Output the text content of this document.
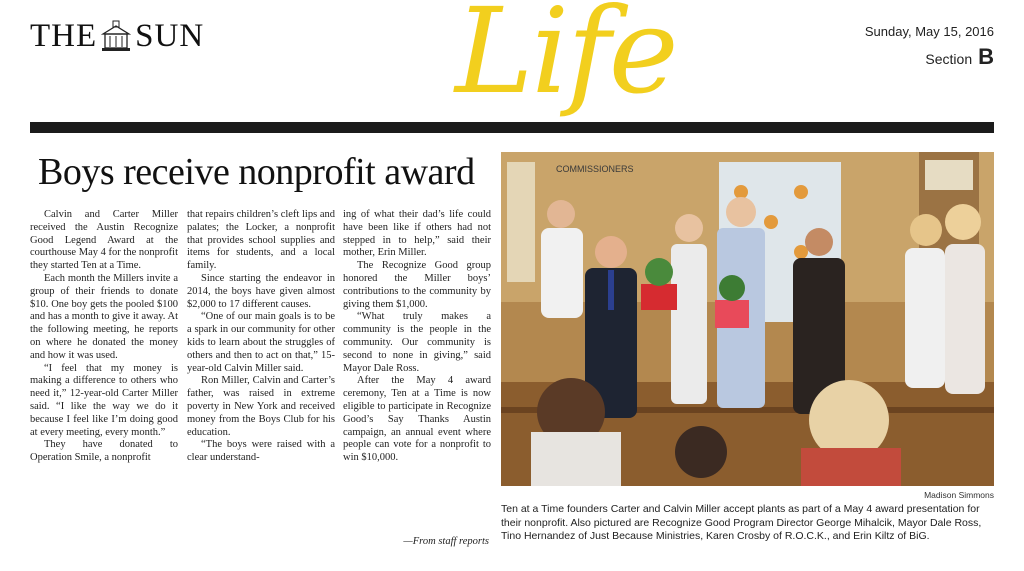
THE SUN Life	Sunday, May 15, 2016
Section B
Boys receive nonprofit award

Calvin and Carter Miller received the Austin Recognize Good Legend Award at the courthouse May 4 for the nonprofit they started Ten at a Time.

Each month the Millers invite a group of their friends to donate $10. One boy gets the pooled $100 and has a month to give it away. At the following meeting, he reports on where he donated the money and how it was used.

“I feel that my money is making a difference to others who need it,” 12-year-old Carter Miller said. “I like the way we do it because I feel like I’m doing good at every meeting, every month.”

They have donated to Operation Smile, a nonprofit

that repairs children’s cleft lips and palates; the Locker, a nonprofit that provides school supplies and items for students, and a local family.

Since starting the endeavor in 2014, the boys have given almost $2,000 to 17 different causes.

“One of our main goals is to be a spark in our community for other kids to learn about the struggles of others and then to act on that,” 15-year-old Calvin Miller said.

Ron Miller, Calvin and Carter’s father, was raised in extreme poverty in New York and received money from the Boys Club for his education.

“The boys were raised with a clear understand-

ing of what their dad’s life could have been like if others had not stepped in to help,” said their mother, Erin Miller.

The Recognize Good group honored the Miller boys’ contributions to the community by giving them $1,000.

“What truly makes a community is the people in the community. Our community is second to none in giving,” said Mayor Dale Ross.

After the May 4 award ceremony, Ten at a Time is now eligible to participate in Recognize Good’s Say Thanks Austin campaign, an annual event where people can vote for a nonprofit to win $10,000.

—From staff reports
COMMISSIONERS
Madison Simmons
Ten at a Time founders Carter and Calvin Miller accept plants as part of a May 4 award presentation for their nonprofit. Also pictured are Recognize Good Program Director George Mihalcik, Mayor Dale Ross, Tino Hernandez of Just Because Ministries, Karen Crosby of R.O.C.K., and Erin Kiltz of BiG.
